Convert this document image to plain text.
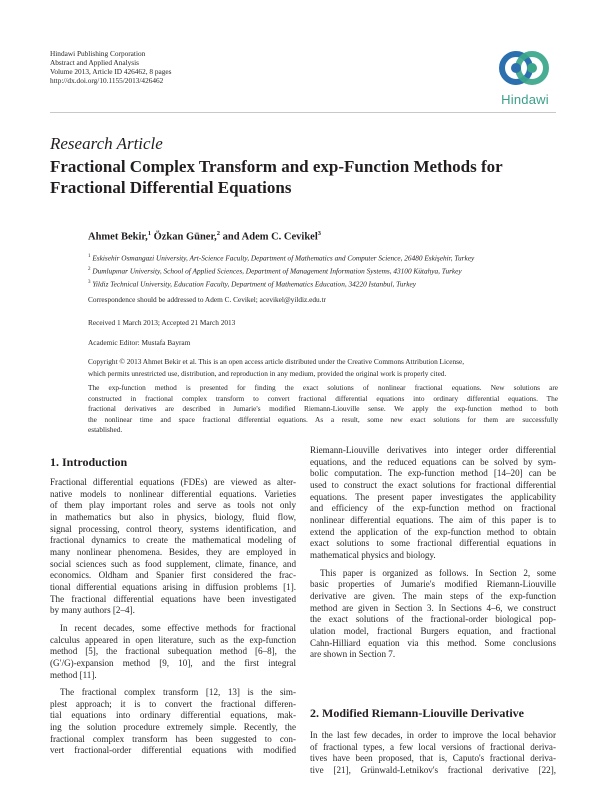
Hindawi Publishing Corporation
Abstract and Applied Analysis
Volume 2013, Article ID 426462, 8 pages
http://dx.doi.org/10.1155/2013/426462
Hindawi
Research Article
Fractional Complex Transform and exp-Function Methods for
Fractional Differential Equations
Ahmet Bekir,$^1$ Özkan Güner,$^2$ and Adem C. Cevikel$^3$
$^1$ Eskisehir Osmangazi University, Art-Science Faculty, Department of Mathematics and Computer Science, 26480 Eskişehir, Turkey
$^2$ Dumlupınar University, School of Applied Sciences, Department of Management Information Systems, 43100 Kütahya, Turkey
$^3$ Yildiz Technical University, Education Faculty, Department of Mathematics Education, 34220 Istanbul, Turkey
Correspondence should be addressed to Adem C. Cevikel; acevikel@yildiz.edu.tr
Received 1 March 2013; Accepted 21 March 2013
Academic Editor: Mustafa Bayram
Copyright © 2013 Ahmet Bekir et al. This is an open access article distributed under the Creative Commons Attribution License,
which permits unrestricted use, distribution, and reproduction in any medium, provided the original work is properly cited.
The exp-function method is presented for finding the exact solutions of nonlinear fractional equations. New solutions are
constructed in fractional complex transform to convert fractional differential equations into ordinary differential equations. The
fractional derivatives are described in Jumarie's modified Riemann-Liouville sense. We apply the exp-function method to both
the nonlinear time and space fractional differential equations. As a result, some new exact solutions for them are successfully
established.
1. Introduction

Fractional differential equations (FDEs) are viewed as alter-
native models to nonlinear differential equations. Varieties
of them play important roles and serve as tools not only
in mathematics but also in physics, biology, fluid flow,
signal processing, control theory, systems identification, and
fractional dynamics to create the mathematical modeling of
many nonlinear phenomena. Besides, they are employed in
social sciences such as food supplement, climate, finance, and
economics. Oldham and Spanier first considered the frac-
tional differential equations arising in diffusion problems [1].
The fractional differential equations have been investigated
by many authors [2–4].

In recent decades, some effective methods for fractional
calculus appeared in open literature, such as the exp-function
method [5], the fractional subequation method [6–8], the
(G′/G)-expansion method [9, 10], and the first integral
method [11].

The fractional complex transform [12, 13] is the sim-
plest approach; it is to convert the fractional differen-
tial equations into ordinary differential equations, mak-
ing the solution procedure extremely simple. Recently, the
fractional complex transform has been suggested to con-
vert fractional-order differential equations with modified

Riemann-Liouville derivatives into integer order differential
equations, and the reduced equations can be solved by sym-
bolic computation. The exp-function method [14–20] can be
used to construct the exact solutions for fractional differential
equations. The present paper investigates the applicability
and efficiency of the exp-function method on fractional
nonlinear differential equations. The aim of this paper is to
extend the application of the exp-function method to obtain
exact solutions to some fractional differential equations in
mathematical physics and biology.

This paper is organized as follows. In Section 2, some
basic properties of Jumarie's modified Riemann-Liouville
derivative are given. The main steps of the exp-function
method are given in Section 3. In Sections 4–6, we construct
the exact solutions of the fractional-order biological pop-
ulation model, fractional Burgers equation, and fractional
Cahn-Hilliard equation via this method. Some conclusions
are shown in Section 7.

2. Modified Riemann-Liouville Derivative
In the last few decades, in order to improve the local behavior
of fractional types, a few local versions of fractional deriva-
tives have been proposed, that is, Caputo's fractional deriva-
tive [21], Grünwald-Letnikov's fractional derivative [22],
